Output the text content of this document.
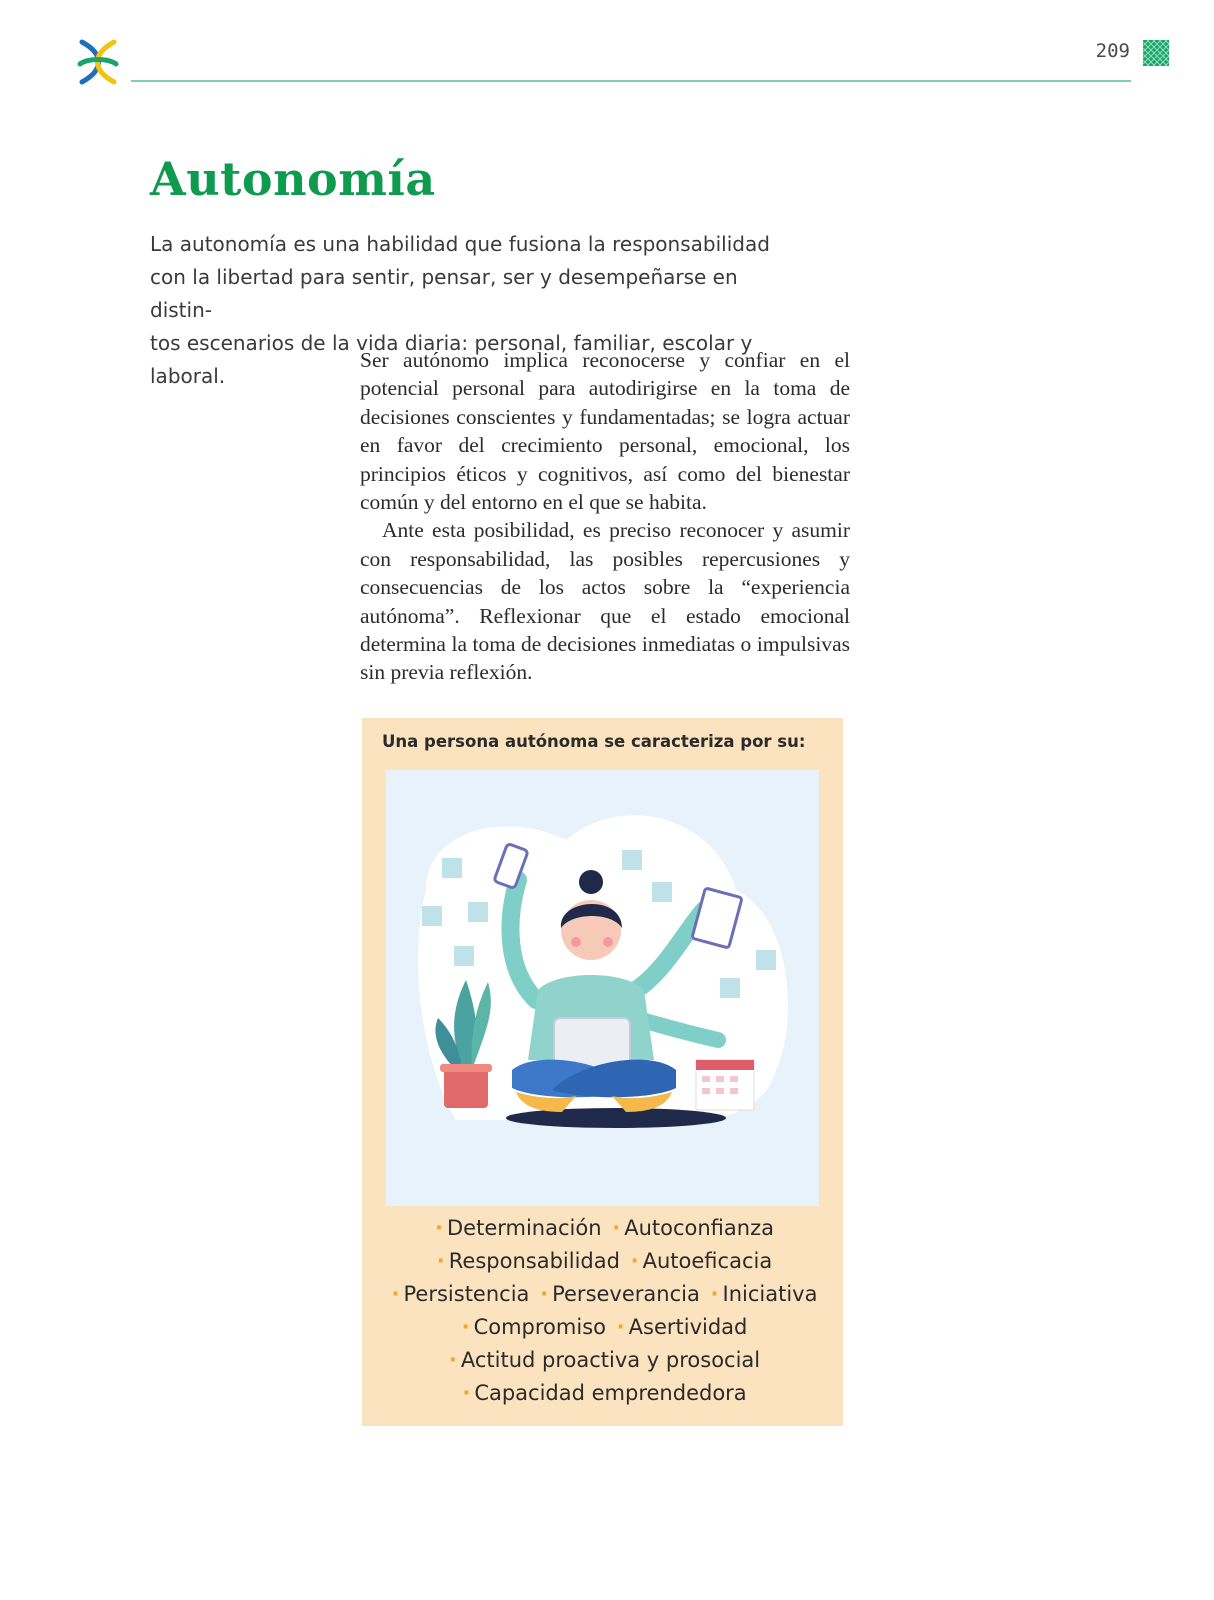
209
Autonomía

La autonomía es una habilidad que fusiona la responsabilidad
con la libertad para sentir, pensar, ser y desempeñarse en distin-
tos escenarios de la vida diaria: personal, familiar, escolar y laboral.

Ser autónomo implica reconocerse y confiar en el potencial personal para autodirigirse en la toma de decisiones conscientes y fundamentadas; se logra actuar en favor del crecimiento personal, emocional, los principios éticos y cognitivos, así como del bienestar común y del entorno en el que se habita.

Ante esta posibilidad, es preciso reconocer y asumir con responsabilidad, las posibles repercusiones y consecuencias de los actos sobre la “experiencia autónoma”. Reflexionar que el estado emocional determina la toma de decisiones inmediatas o impulsivas sin previa reflexión.

Una persona autónoma se caracteriza por su:

· Determinación · Autoconfianza
· Responsabilidad · Autoeficacia
· Persistencia · Perseverancia · Iniciativa
· Compromiso · Asertividad
· Actitud proactiva y prosocial
· Capacidad emprendedora
